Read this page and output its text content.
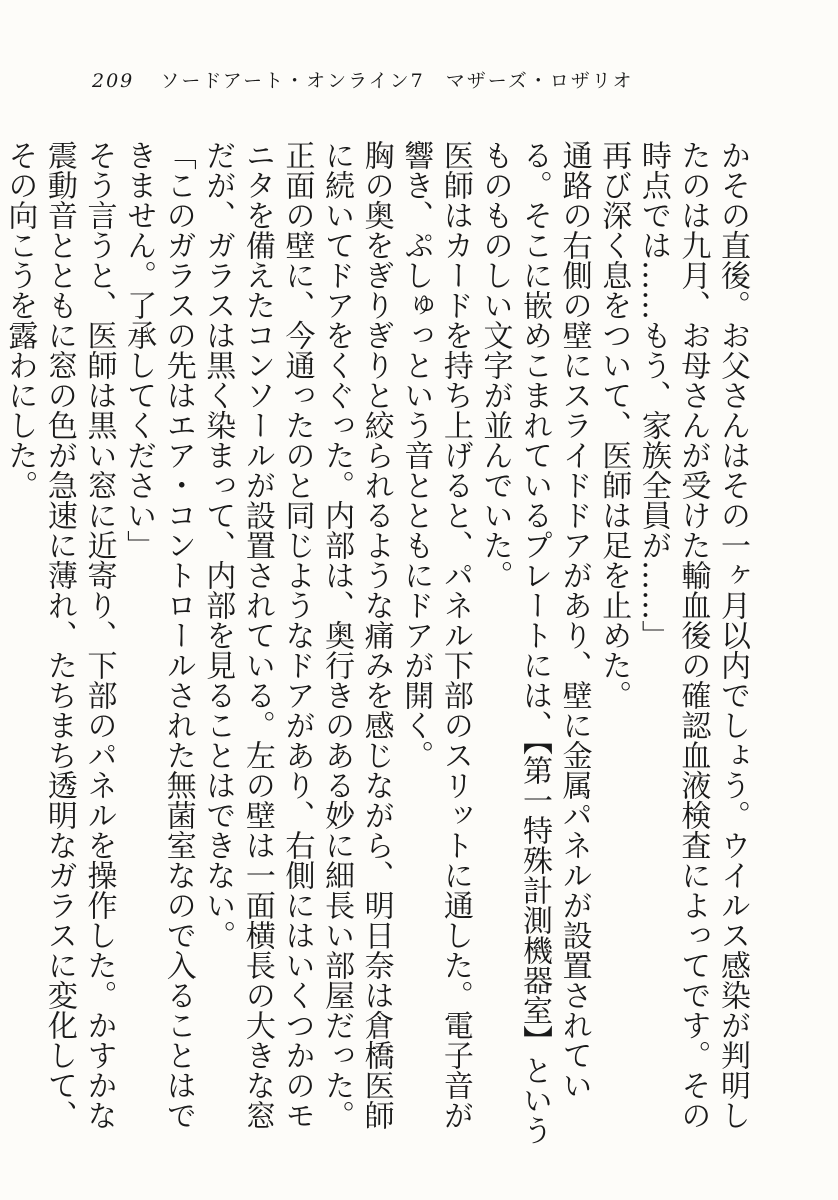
209 ソードアート・オンライン7　マザーズ・ロザリオ

かその直後。お父さんはその一ヶ月以内でしょう。ウイルス感染が判明したのは九月、お母さんが受けた輸血後の確認血液検査によってです。その時点では……もう、家族全員が……」

再び深く息をついて、医師は足を止めた。

通路の右側の壁にスライドドアがあり、壁に金属パネルが設置されている。そこに嵌めこまれているプレートには、【第一特殊計測機器室】というものものしい文字が並んでいた。

医師はカードを持ち上げると、パネル下部のスリットに通した。電子音が響き、ぷしゅっという音とともにドアが開く。

胸の奥をぎりぎりと絞られるような痛みを感じながら、明日奈は倉橋医師に続いてドアをくぐった。内部は、奥行きのある妙に細長い部屋だった。

正面の壁に、今通ったのと同じようなドアがあり、右側にはいくつかのモニタを備えたコンソールが設置されている。左の壁は一面横長の大きな窓だが、ガラスは黒く染まって、内部を見ることはできない。

「このガラスの先はエア・コントロールされた無菌室なので入ることはできません。了承してください」

そう言うと、医師は黒い窓に近寄り、下部のパネルを操作した。かすかな震動音とともに窓の色が急速に薄れ、たちまち透明なガラスに変化して、その向こうを露わにした。
